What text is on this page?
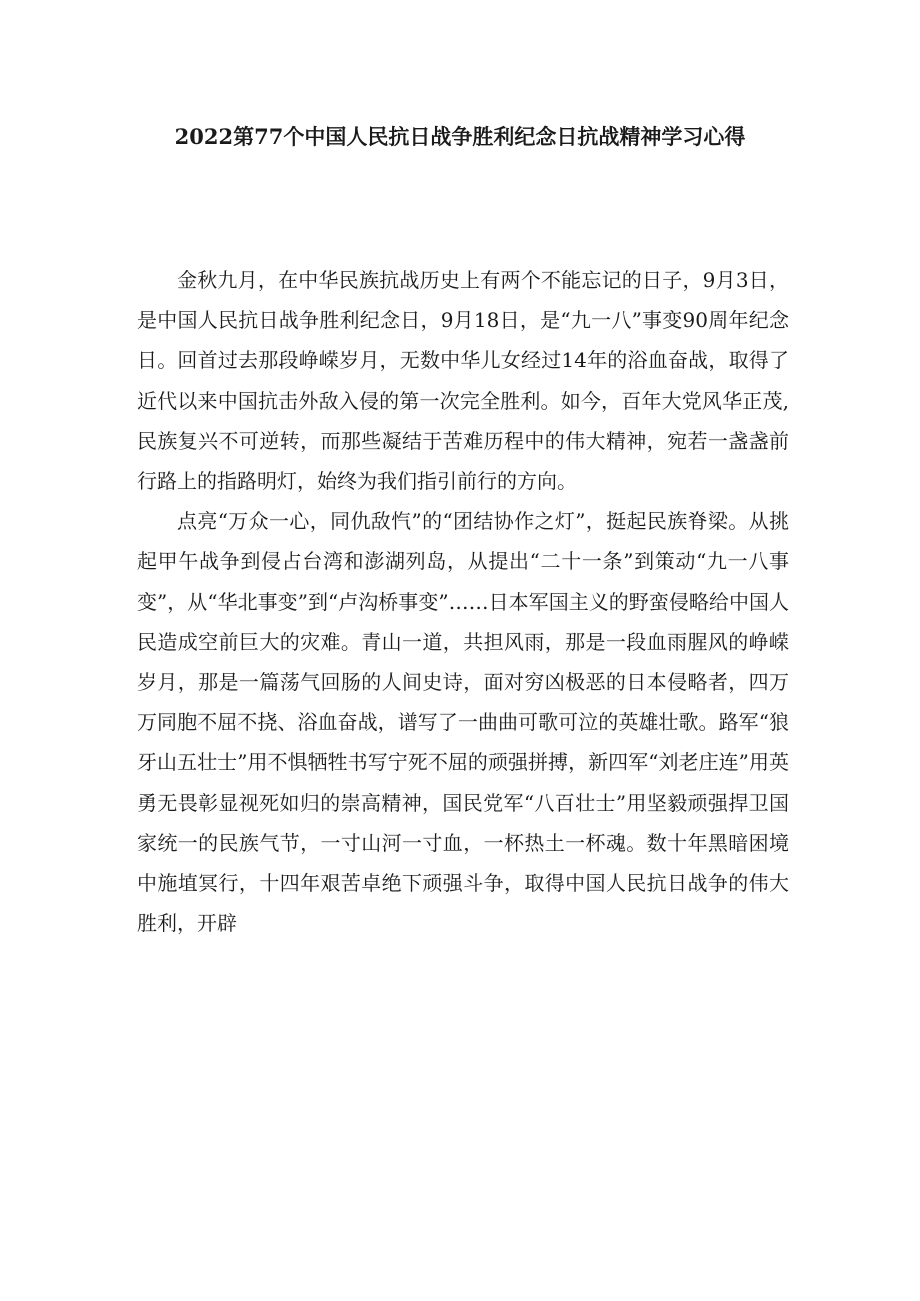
2022第77个中国人民抗日战争胜利纪念日抗战精神学习心得

金秋九月，在中华民族抗战历史上有两个不能忘记的日子，9月3日，是中国人民抗日战争胜利纪念日，9月18日，是“九一八”事变90周年纪念日。回首过去那段峥嵘岁月，无数中华儿女经过14年的浴血奋战，取得了近代以来中国抗击外敌入侵的第一次完全胜利。如今，百年大党风华正茂,民族复兴不可逆转，而那些凝结于苦难历程中的伟大精神，宛若一盏盏前行路上的指路明灯，始终为我们指引前行的方向。

点亮“万众一心，同仇敌忾”的“团结协作之灯”，挺起民族脊梁。从挑起甲午战争到侵占台湾和澎湖列岛，从提出“二十一条”到策动“九一八事变”，从“华北事变”到“卢沟桥事变”……日本军国主义的野蛮侵略给中国人民造成空前巨大的灾难。青山一道，共担风雨，那是一段血雨腥风的峥嵘岁月，那是一篇荡气回肠的人间史诗，面对穷凶极恶的日本侵略者，四万万同胞不屈不挠、浴血奋战，谱写了一曲曲可歌可泣的英雄壮歌。路军“狼牙山五壮士”用不惧牺牲书写宁死不屈的顽强拼搏，新四军“刘老庄连”用英勇无畏彰显视死如归的崇高精神，国民党军“八百壮士”用坚毅顽强捍卫国家统一的民族气节，一寸山河一寸血，一杯热土一杯魂。数十年黑暗困境中施埴冥行，十四年艰苦卓绝下顽强斗争，取得中国人民抗日战争的伟大胜利，开辟
